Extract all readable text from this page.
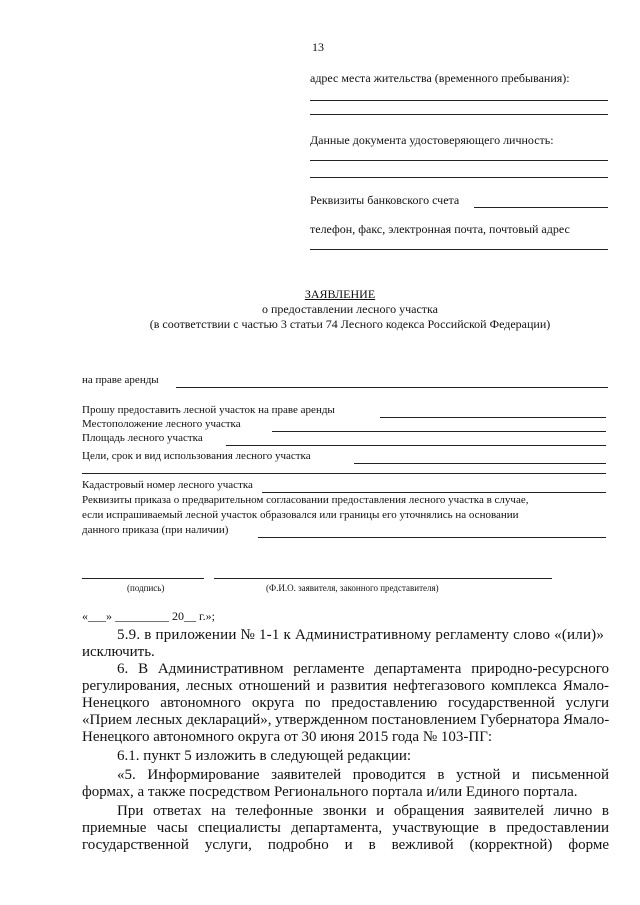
13
адрес места жительства (временного пребывания):
Данные документа удостоверяющего личность:
Реквизиты банковского счета
телефон, факс, электронная почта, почтовый адрес
ЗАЯВЛЕНИЕ
о предоставлении лесного участка
(в соответствии с частью 3 статьи 74 Лесного кодекса Российской Федерации)
на праве аренды
Прошу предоставить лесной участок на праве аренды
Местоположение лесного участка
Площадь лесного участка
Цели, срок и вид использования лесного участка
Кадастровый номер лесного участка
Реквизиты приказа о предварительном согласовании предоставления лесного участка в случае,
если испрашиваемый лесной участок образовался или границы его уточнялись на основании
данного приказа (при наличии)
(подпись)	(Ф.И.О. заявителя, законного представителя)
«___» _________ 20__ г.»;
5.9. в приложении № 1-1 к Административному регламенту слово «(или)»
исключить.
6. В Административном регламенте департамента природно-ресурсного
регулирования, лесных отношений и развития нефтегазового комплекса Ямало-
Ненецкого автономного округа по предоставлению государственной услуги
«Прием лесных деклараций», утвержденном постановлением Губернатора Ямало-
Ненецкого автономного округа от 30 июня 2015 года № 103-ПГ:
6.1. пункт 5 изложить в следующей редакции:
«5. Информирование заявителей проводится в устной и письменной
формах, а также посредством Регионального портала и/или Единого портала.
При ответах на телефонные звонки и обращения заявителей лично в
приемные часы специалисты департамента, участвующие в предоставлении
государственной услуги, подробно и в вежливой (корректной) форме
